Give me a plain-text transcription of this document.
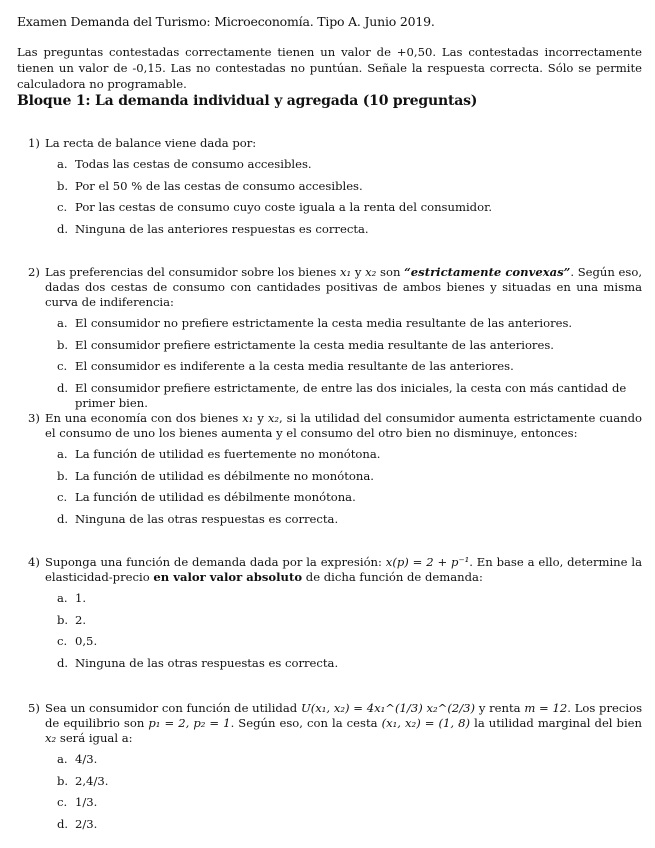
Examen Demanda del Turismo: Microeconomía. Tipo A. Junio 2019.
Las preguntas contestadas correctamente tienen un valor de +0,50. Las contestadas incorrectamente tienen un valor de -0,15. Las no contestadas no puntúan. Señale la respuesta correcta. Sólo se permite calculadora no programable.
Bloque 1: La demanda individual y agregada (10 preguntas)
1) La recta de balance viene dada por:
a. Todas las cestas de consumo accesibles.
b. Por el 50 % de las cestas de consumo accesibles.
c. Por las cestas de consumo cuyo coste iguala a la renta del consumidor.
d. Ninguna de las anteriores respuestas es correcta.
2) Las preferencias del consumidor sobre los bienes x₁ y x₂ son “estrictamente convexas”. Según eso, dadas dos cestas de consumo con cantidades positivas de ambos bienes y situadas en una misma curva de indiferencia:
a. El consumidor no prefiere estrictamente la cesta media resultante de las anteriores.
b. El consumidor prefiere estrictamente la cesta media resultante de las anteriores.
c. El consumidor es indiferente a la cesta media resultante de las anteriores.
d. El consumidor prefiere estrictamente, de entre las dos iniciales, la cesta con más cantidad de primer bien.
3) En una economía con dos bienes x₁ y x₂, si la utilidad del consumidor aumenta estrictamente cuando el consumo de uno los bienes aumenta y el consumo del otro bien no disminuye, entonces:
a. La función de utilidad es fuertemente no monótona.
b. La función de utilidad es débilmente no monótona.
c. La función de utilidad es débilmente monótona.
d. Ninguna de las otras respuestas es correcta.
4) Suponga una función de demanda dada por la expresión: x(p) = 2 + p⁻¹. En base a ello, determine la elasticidad-precio en valor valor absoluto de dicha función de demanda:
a. 1.
b. 2.
c. 0,5.
d. Ninguna de las otras respuestas es correcta.
5) Sea un consumidor con función de utilidad U(x₁, x₂) = 4x₁^(1/3) x₂^(2/3) y renta m = 12. Los precios de equilibrio son p₁ = 2, p₂ = 1. Según eso, con la cesta (x₁, x₂) = (1, 8) la utilidad marginal del bien x₂ será igual a:
a. 4/3.
b. 2,4/3.
c. 1/3.
d. 2/3.
